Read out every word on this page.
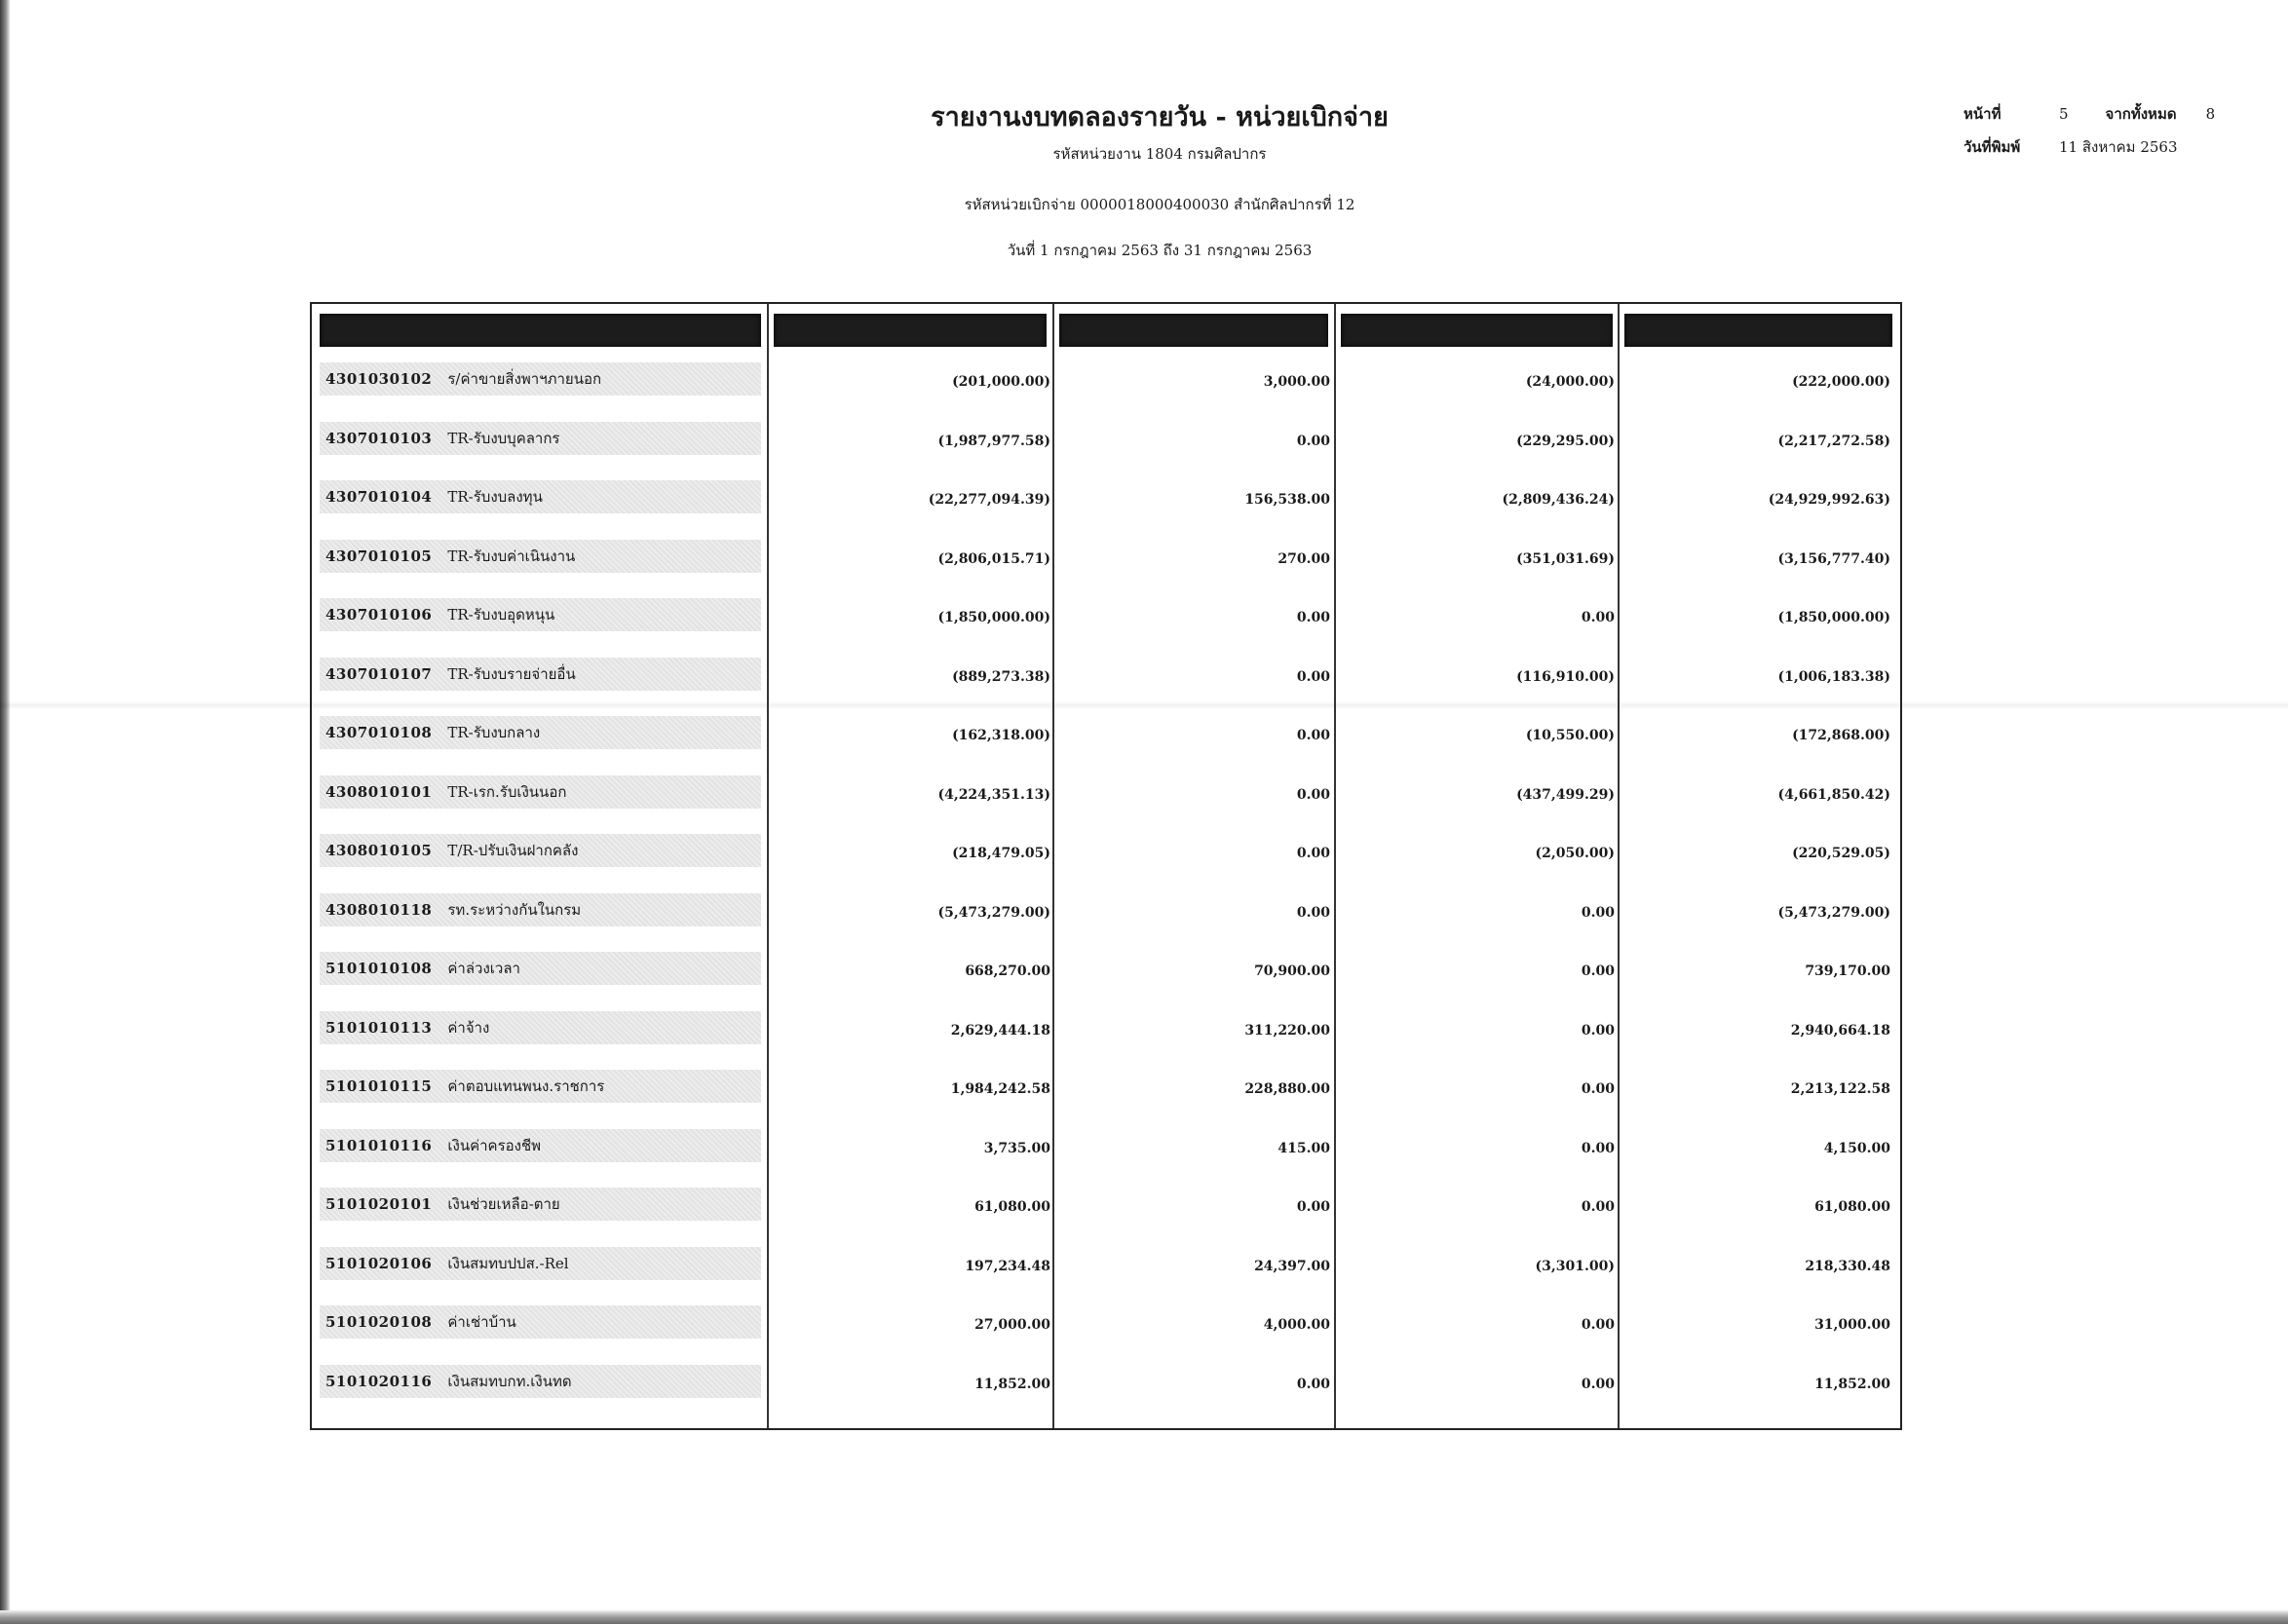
รายงานงบทดลองรายวัน - หน่วยเบิกจ่าย
รหัสหน่วยงาน 1804 กรมศิลปากร
รหัสหน่วยเบิกจ่าย 0000018000400030 สำนักศิลปากรที่ 12
วันที่ 1 กรกฎาคม 2563 ถึง 31 กรกฎาคม 2563
หน้าที่	5	จากทั้งหมด 8
วันที่พิมพ์	11 สิงหาคม 2563
4301030102 ร/ค่าขายสิ่งพาฯภายนอก	(201,000.00)	3,000.00	(24,000.00)	(222,000.00)
4307010103 TR-รับงบบุคลากร	(1,987,977.58)	0.00	(229,295.00)	(2,217,272.58)
4307010104 TR-รับงบลงทุน	(22,277,094.39)	156,538.00	(2,809,436.24)	(24,929,992.63)
4307010105 TR-รับงบค่าเนินงาน	(2,806,015.71)	270.00	(351,031.69)	(3,156,777.40)
4307010106 TR-รับงบอุดหนุน	(1,850,000.00)	0.00	0.00	(1,850,000.00)
4307010107 TR-รับงบรายจ่ายอื่น	(889,273.38)	0.00	(116,910.00)	(1,006,183.38)
4307010108 TR-รับงบกลาง	(162,318.00)	0.00	(10,550.00)	(172,868.00)
4308010101 TR-เรก.รับเงินนอก	(4,224,351.13)	0.00	(437,499.29)	(4,661,850.42)
4308010105 T/R-ปรับเงินฝากคลัง	(218,479.05)	0.00	(2,050.00)	(220,529.05)
4308010118 รท.ระหว่างกันในกรม	(5,473,279.00)	0.00	0.00	(5,473,279.00)
5101010108 ค่าล่วงเวลา	668,270.00	70,900.00	0.00	739,170.00
5101010113 ค่าจ้าง	2,629,444.18	311,220.00	0.00	2,940,664.18
5101010115 ค่าตอบแทนพนง.ราชการ	1,984,242.58	228,880.00	0.00	2,213,122.58
5101010116 เงินค่าครองชีพ	3,735.00	415.00	0.00	4,150.00
5101020101 เงินช่วยเหลือ-ตาย	61,080.00	0.00	0.00	61,080.00
5101020106 เงินสมทบปปส.-Rel	197,234.48	24,397.00	(3,301.00)	218,330.48
5101020108 ค่าเช่าบ้าน	27,000.00	4,000.00	0.00	31,000.00
5101020116 เงินสมทบกท.เงินทด	11,852.00	0.00	0.00	11,852.00
